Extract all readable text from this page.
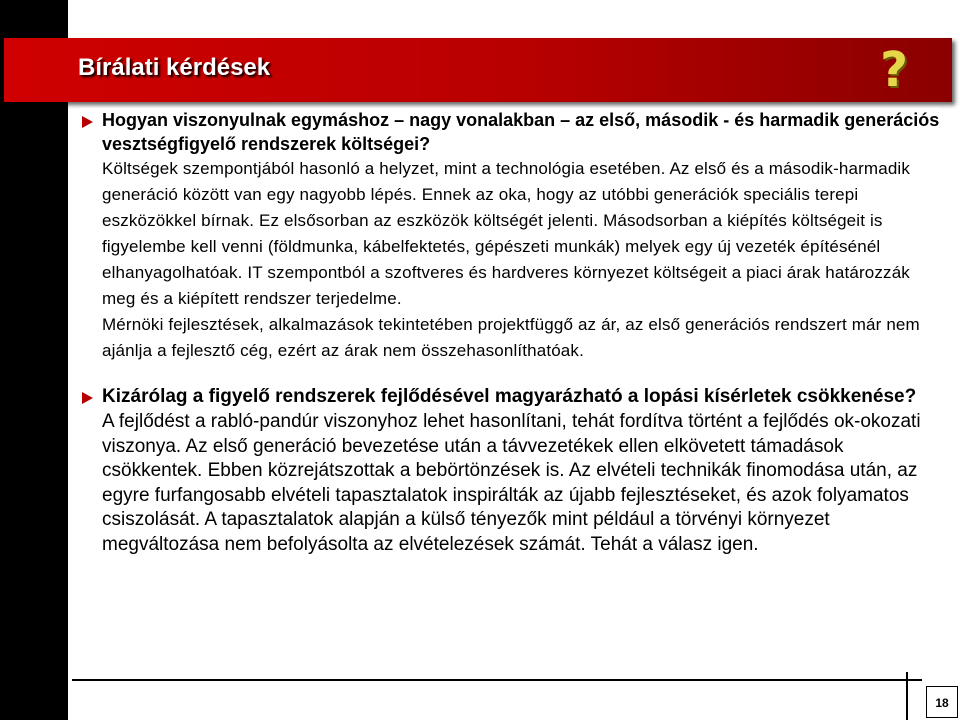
Bírálati kérdések	?
Hogyan viszonyulnak egymáshoz – nagy vonalakban – az első, második - és harmadik generációs vesztségfigyelő rendszerek költségei?
Költségek szempontjából hasonló a helyzet, mint a technológia esetében. Az első és a második-harmadik generáció között van egy nagyobb lépés. Ennek az oka, hogy az utóbbi generációk speciális terepi eszközökkel bírnak. Ez elsősorban az eszközök költségét jelenti. Másodsorban a kiépítés költségeit is figyelembe kell venni (földmunka, kábelfektetés, gépészeti munkák) melyek egy új vezeték építésénél elhanyagolhatóak. IT szempontból a szoftveres és hardveres környezet költségeit a piaci árak határozzák meg és a kiépített rendszer terjedelme.
Mérnöki fejlesztések, alkalmazások tekintetében projektfüggő az ár, az első generációs rendszert már nem ajánlja a fejlesztő cég, ezért az árak nem összehasonlíthatóak.
Kizárólag a figyelő rendszerek fejlődésével magyarázható a lopási kísérletek csökkenése?
A fejlődést a rabló-pandúr viszonyhoz lehet hasonlítani, tehát fordítva történt a fejlődés ok-okozati viszonya. Az első generáció bevezetése után a távvezetékek ellen elkövetett támadások csökkentek. Ebben közrejátszottak a bebörtönzések is. Az elvételi technikák finomodása után, az egyre furfangosabb elvételi tapasztalatok inspirálták az újabb fejlesztéseket, és azok folyamatos csiszolását. A tapasztalatok alapján a külső tényezők mint például a törvényi környezet megváltozása nem befolyásolta az elvételezések számát. Tehát a válasz igen.
18
